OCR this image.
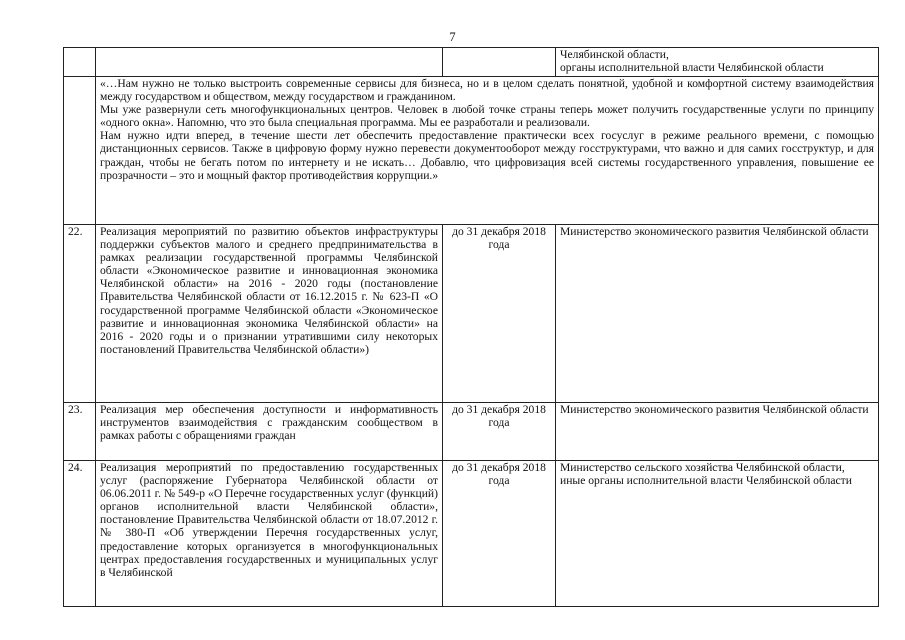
7

			Челябинской области,
органы исполнительной власти Челябинской области

	«…Нам нужно не только выстроить современные сервисы для бизнеса, но и в целом сделать понятной, удобной и комфортной систему взаимодействия между государством и обществом, между государством и гражданином.
Мы уже развернули сеть многофункциональных центров. Человек в любой точке страны теперь может получить государственные услуги по принципу «одного окна». Напомню, что это была специальная программа. Мы ее разработали и реализовали.
Нам нужно идти вперед, в течение шести лет обеспечить предоставление практически всех госуслуг в режиме реального времени, с помощью дистанционных сервисов. Также в цифровую форму нужно перевести документооборот между госструктурами, что важно и для самих госструктур, и для граждан, чтобы не бегать потом по интернету и не искать… Добавлю, что цифровизация всей системы государственного управления, повышение ее прозрачности – это и мощный фактор противодействия коррупции.»		

22.	Реализация мероприятий по развитию объектов инфраструктуры поддержки субъектов малого и среднего предпринимательства в рамках реализации государственной программы Челябинской области «Экономическое развитие и инновационная экономика Челябинской области» на 2016 - 2020 годы (постановление Правительства Челябинской области от 16.12.2015 г. № 623-П «О государственной программе Челябинской области «Экономическое развитие и инновационная экономика Челябинской области» на 2016 - 2020 годы и о признании утратившими силу некоторых постановлений Правительства Челябинской области»)	до 31 декабря 2018 года	Министерство экономического развития Челябинской области

23.	Реализация мер обеспечения доступности и информативность инструментов взаимодействия с гражданским сообществом в рамках работы с обращениями граждан	до 31 декабря 2018 года	Министерство экономического развития Челябинской области

24.	Реализация мероприятий по предоставлению государственных услуг (распоряжение Губернатора Челябинской области от 06.06.2011 г. № 549-р «О Перечне государственных услуг (функций) органов исполнительной власти Челябинской области», постановление Правительства Челябинской области от 18.07.2012 г. № 380-П «Об утверждении Перечня государственных услуг, предоставление которых организуется в многофункциональных центрах предоставления государственных и муниципальных услуг в Челябинской	до 31 декабря 2018 года	Министерство сельского хозяйства Челябинской области,
иные органы исполнительной власти Челябинской области
